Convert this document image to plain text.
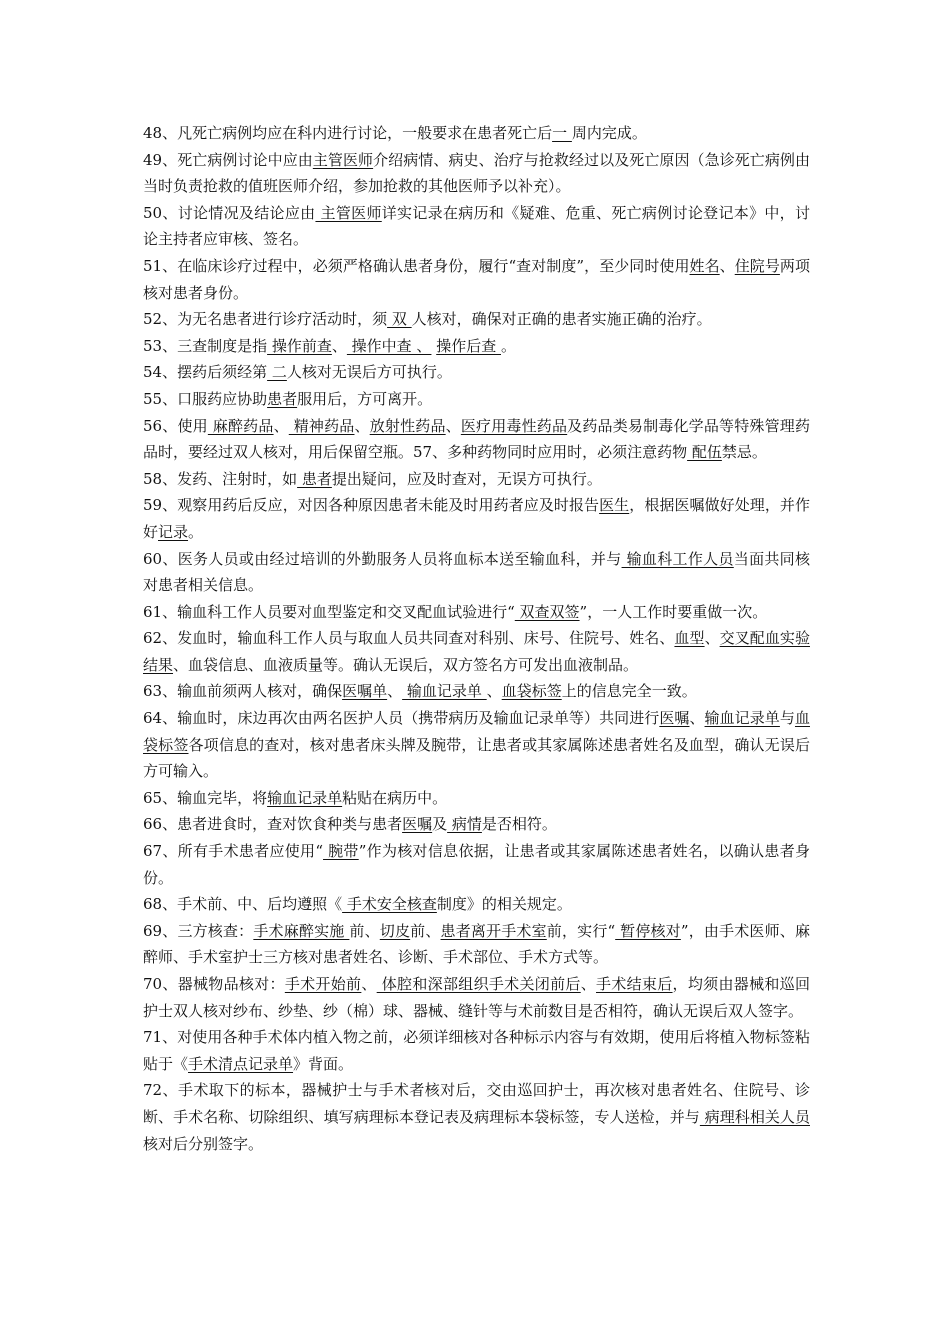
48、凡死亡病例均应在科内进行讨论，一般要求在患者死亡后一 周内完成。

49、死亡病例讨论中应由主管医师介绍病情、病史、治疗与抢救经过以及死亡原因（急诊死亡病例由当时负责抢救的值班医师介绍，参加抢救的其他医师予以补充）。

50、讨论情况及结论应由 主管医师详实记录在病历和《疑难、危重、死亡病例讨论登记本》中，讨论主持者应审核、签名。

51、在临床诊疗过程中，必须严格确认患者身份，履行“查对制度”，至少同时使用姓名、住院号两项核对患者身份。

52、为无名患者进行诊疗活动时，须 双 人核对，确保对正确的患者实施正确的治疗。

53、三查制度是指 操作前查、 操作中查 、 操作后查 。

54、摆药后须经第 二人核对无误后方可执行。

55、口服药应协助患者服用后，方可离开。

56、使用 麻醉药品、 精神药品、放射性药品、医疗用毒性药品及药品类易制毒化学品等特殊管理药品时，要经过双人核对，用后保留空瓶。57、多种药物同时应用时，必须注意药物 配伍禁忌。

58、发药、注射时，如 患者提出疑问，应及时查对，无误方可执行。

59、观察用药后反应，对因各种原因患者未能及时用药者应及时报告医生，根据医嘱做好处理，并作好记录。

60、医务人员或由经过培训的外勤服务人员将血标本送至输血科，并与 输血科工作人员当面共同核对患者相关信息。

61、输血科工作人员要对血型鉴定和交叉配血试验进行“ 双查双签”，一人工作时要重做一次。

62、发血时，输血科工作人员与取血人员共同查对科别、床号、住院号、姓名、血型、交叉配血实验结果、血袋信息、血液质量等。确认无误后，双方签名方可发出血液制品。

63、输血前须两人核对，确保医嘱单、 输血记录单 、血袋标签上的信息完全一致。

64、输血时，床边再次由两名医护人员（携带病历及输血记录单等）共同进行医嘱、输血记录单与血袋标签各项信息的查对，核对患者床头牌及腕带，让患者或其家属陈述患者姓名及血型，确认无误后方可输入。

65、输血完毕，将输血记录单粘贴在病历中。

66、患者进食时，查对饮食种类与患者医嘱及 病情是否相符。

67、所有手术患者应使用“ 腕带”作为核对信息依据，让患者或其家属陈述患者姓名，以确认患者身份。

68、手术前、中、后均遵照《 手术安全核查制度》的相关规定。

69、三方核查：手术麻醉实施 前、切皮前、患者离开手术室前，实行“ 暂停核对”，由手术医师、麻醉师、手术室护士三方核对患者姓名、诊断、手术部位、手术方式等。

70、器械物品核对：手术开始前、 体腔和深部组织手术关闭前后、手术结束后，均须由器械和巡回护士双人核对纱布、纱垫、纱（棉）球、器械、缝针等与术前数目是否相符，确认无误后双人签字。

71、对使用各种手术体内植入物之前，必须详细核对各种标示内容与有效期，使用后将植入物标签粘贴于《手术清点记录单》背面。

72、手术取下的标本，器械护士与手术者核对后，交由巡回护士，再次核对患者姓名、住院号、诊断、手术名称、切除组织、填写病理标本登记表及病理标本袋标签，专人送检，并与 病理科相关人员核对后分别签字。
